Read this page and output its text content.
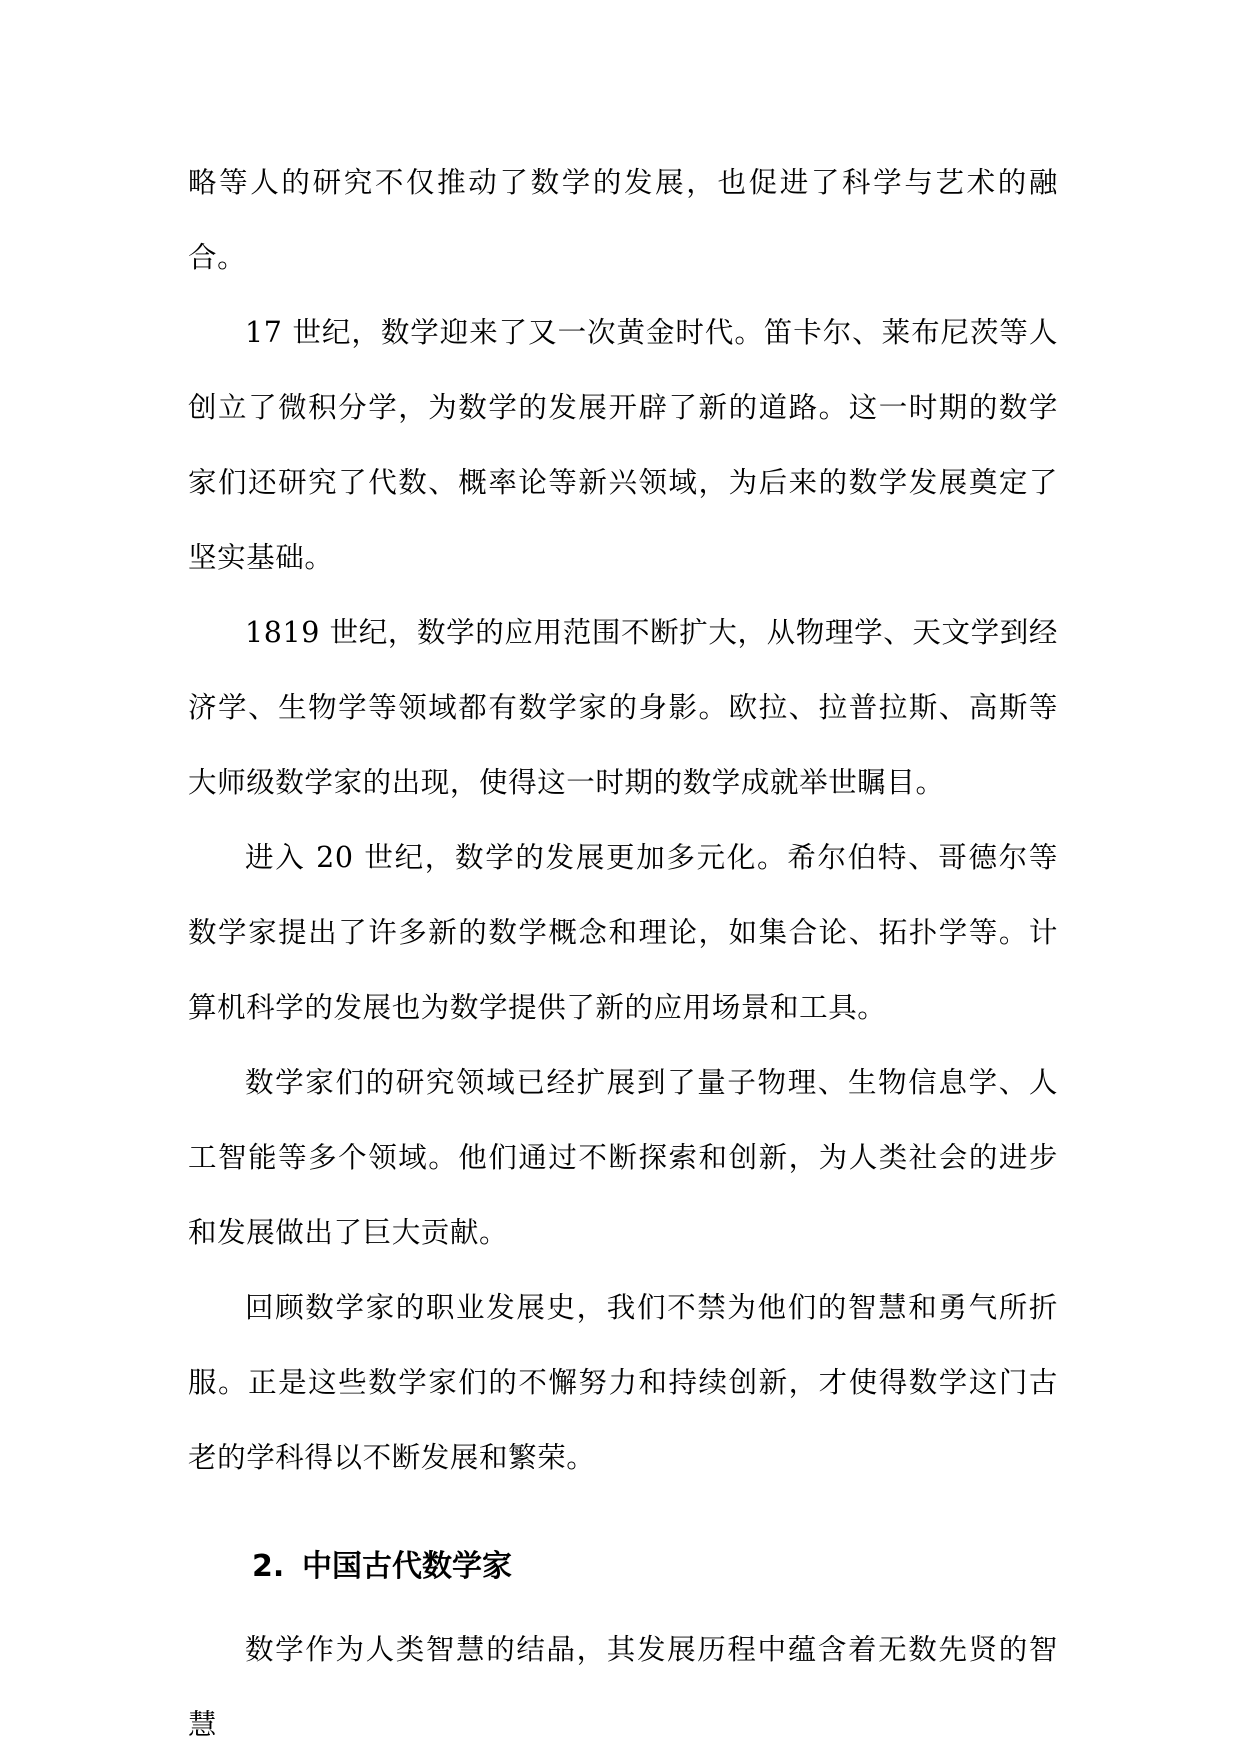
略等人的研究不仅推动了数学的发展，也促进了科学与艺术的融合。

17 世纪，数学迎来了又一次黄金时代。笛卡尔、莱布尼茨等人创立了微积分学，为数学的发展开辟了新的道路。这一时期的数学家们还研究了代数、概率论等新兴领域，为后来的数学发展奠定了坚实基础。

1819 世纪，数学的应用范围不断扩大，从物理学、天文学到经济学、生物学等领域都有数学家的身影。欧拉、拉普拉斯、高斯等大师级数学家的出现，使得这一时期的数学成就举世瞩目。

进入 20 世纪，数学的发展更加多元化。希尔伯特、哥德尔等数学家提出了许多新的数学概念和理论，如集合论、拓扑学等。计算机科学的发展也为数学提供了新的应用场景和工具。

数学家们的研究领域已经扩展到了量子物理、生物信息学、人工智能等多个领域。他们通过不断探索和创新，为人类社会的进步和发展做出了巨大贡献。

回顾数学家的职业发展史，我们不禁为他们的智慧和勇气所折服。正是这些数学家们的不懈努力和持续创新，才使得数学这门古老的学科得以不断发展和繁荣。

2. 中国古代数学家

数学作为人类智慧的结晶，其发展历程中蕴含着无数先贤的智慧
